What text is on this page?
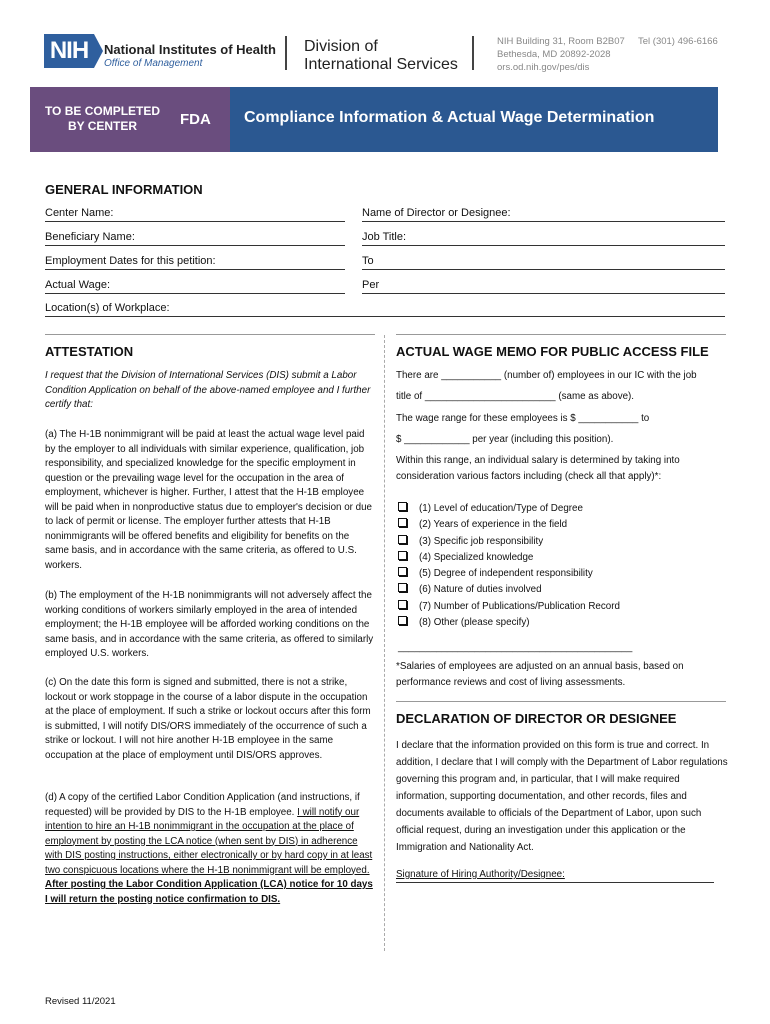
NIH	National Institutes of Health
Office of Management
Division of
International Services
NIH Building 31, Room B2B07 Tel (301) 496-6166
Bethesda, MD 20892-2028
ors.od.nih.gov/pes/dis
TO BE COMPLETED
BY CENTER	FDA Compliance Information & Actual Wage Determination
GENERAL INFORMATION
Center Name:	Name of Director or Designee:
Beneficiary Name:	Job Title:
Employment Dates for this petition:	To
Actual Wage:	Per
Location(s) of Workplace:
ATTESTATION
I request that the Division of International Services (DIS) submit a Labor Condition Application on behalf of the above-named employee and I further certify that:
(a) The H-1B nonimmigrant will be paid at least the actual wage level paid by the employer to all individuals with similar experience, qualification, job responsibility, and specialized knowledge for the specific employment in question or the prevailing wage level for the occupation in the area of employment, whichever is higher. Further, I attest that the H-1B employee will be paid when in nonproductive status due to employer's decision or due to lack of permit or license. The employer further attests that H-1B nonimmigrants will be offered benefits and eligibility for benefits on the same basis, and in accordance with the same criteria, as offered to U.S. workers.
(b) The employment of the H-1B nonimmigrants will not adversely affect the working conditions of workers similarly employed in the area of intended employment; the H-1B employee will be afforded working conditions on the same basis, and in accordance with the same criteria, as offered to similarly employed U.S. workers.
(c) On the date this form is signed and submitted, there is not a strike, lockout or work stoppage in the course of a labor dispute in the occupation at the place of employment. If such a strike or lockout occurs after this form is submitted, I will notify DIS/ORS immediately of the occurrence of such a strike or lockout. I will not hire another H-1B employee in the same occupation at the place of employment until DIS/ORS approves.
(d) A copy of the certified Labor Condition Application (and instructions, if requested) will be provided by DIS to the H-1B employee. I will notify our intention to hire an H-1B nonimmigrant in the occupation at the place of employment by posting the LCA notice (when sent by DIS) in adherence with DIS posting instructions, either electronically or by hard copy in at least two conspicuous locations where the H-1B nonimmigrant will be employed. After posting the Labor Condition Application (LCA) notice for 10 days I will return the posting notice confirmation to DIS.
ACTUAL WAGE MEMO FOR PUBLIC ACCESS FILE
There are ___________ (number of) employees in our IC with the job
title of ________________________ (same as above).
The wage range for these employees is $ ___________ to
$ ____________ per year (including this position).
Within this range, an individual salary is determined by taking into consideration various factors including (check all that apply)*:
(1) Level of education/Type of Degree
(2) Years of experience in the field
(3) Specific job responsibility
(4) Specialized knowledge
(5) Degree of independent responsibility
(6) Nature of duties involved
(7) Number of Publications/Publication Record
(8) Other (please specify)
___________________________________________
*Salaries of employees are adjusted on an annual basis, based on performance reviews and cost of living assessments.
DECLARATION OF DIRECTOR OR DESIGNEE
I declare that the information provided on this form is true and correct. In addition, I declare that I will comply with the Department of Labor regulations governing this program and, in particular, that I will make required information, supporting documentation, and other records, files and documents available to officials of the Department of Labor, upon such official request, during an investigation under this application or the Immigration and Nationality Act.
Signature of Hiring Authority/Designee:
Revised 11/2021
